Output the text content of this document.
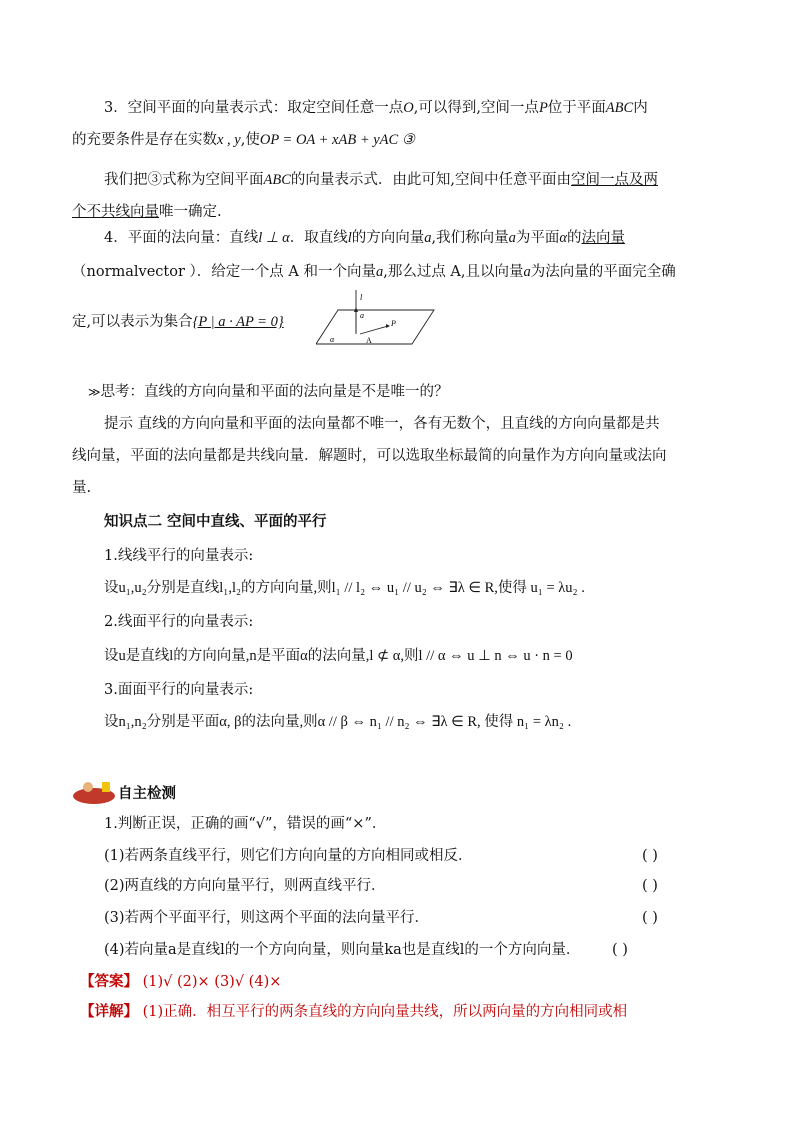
3．空间平面的向量表示式：取定空间任意一点O,可以得到,空间一点P位于平面ABC内
的充要条件是存在实数x , y,使OP = OA + xAB + yAC ③
我们把③式称为空间平面ABC的向量表示式．由此可知,空间中任意平面由空间一点及两
个不共线向量唯一确定.
4．平面的法向量：直线l ⊥ α．取直线l的方向向量a,我们称向量a为平面α的法向量
（normalvector ）．给定一个点 A 和一个向量a,那么过点 A,且以向量a为法向量的平面完全确
定,可以表示为集合{P | a · AP = 0}
l
a
P
A
α
≫思考：直线的方向向量和平面的法向量是不是唯一的？
提示 直线的方向向量和平面的法向量都不唯一，各有无数个，且直线的方向向量都是共
线向量，平面的法向量都是共线向量．解题时，可以选取坐标最简的向量作为方向向量或法向
量.
知识点二 空间中直线、平面的平行
1.线线平行的向量表示:
设u₁,u₂分别是直线l₁,l₂的方向向量,则l₁ // l₂ ⇔ u₁ // u₂ ⇔ ∃λ ∈ R,使得 u₁ = λu₂ .
2.线面平行的向量表示:
设u是直线l的方向向量,n是平面α的法向量,l ⊄ α,则l // α ⇔ u ⊥ n ⇔ u · n = 0
3.面面平行的向量表示:
设n₁,n₂分别是平面α, β的法向量,则α // β ⇔ n₁ // n₂ ⇔ ∃λ ∈ R, 使得 n₁ = λn₂ .
自主检测
1.判断正误，正确的画“√”，错误的画“×”．
(1)若两条直线平行，则它们方向向量的方向相同或相反．	( )
(2)两直线的方向向量平行，则两直线平行．	( )
(3)若两个平面平行，则这两个平面的法向量平行．	( )
(4)若向量a是直线l的一个方向向量，则向量ka也是直线l的一个方向向量． ( )
【答案】 (1)√ (2)× (3)√ (4)×
【详解】 (1)正确．相互平行的两条直线的方向向量共线，所以两向量的方向相同或相
